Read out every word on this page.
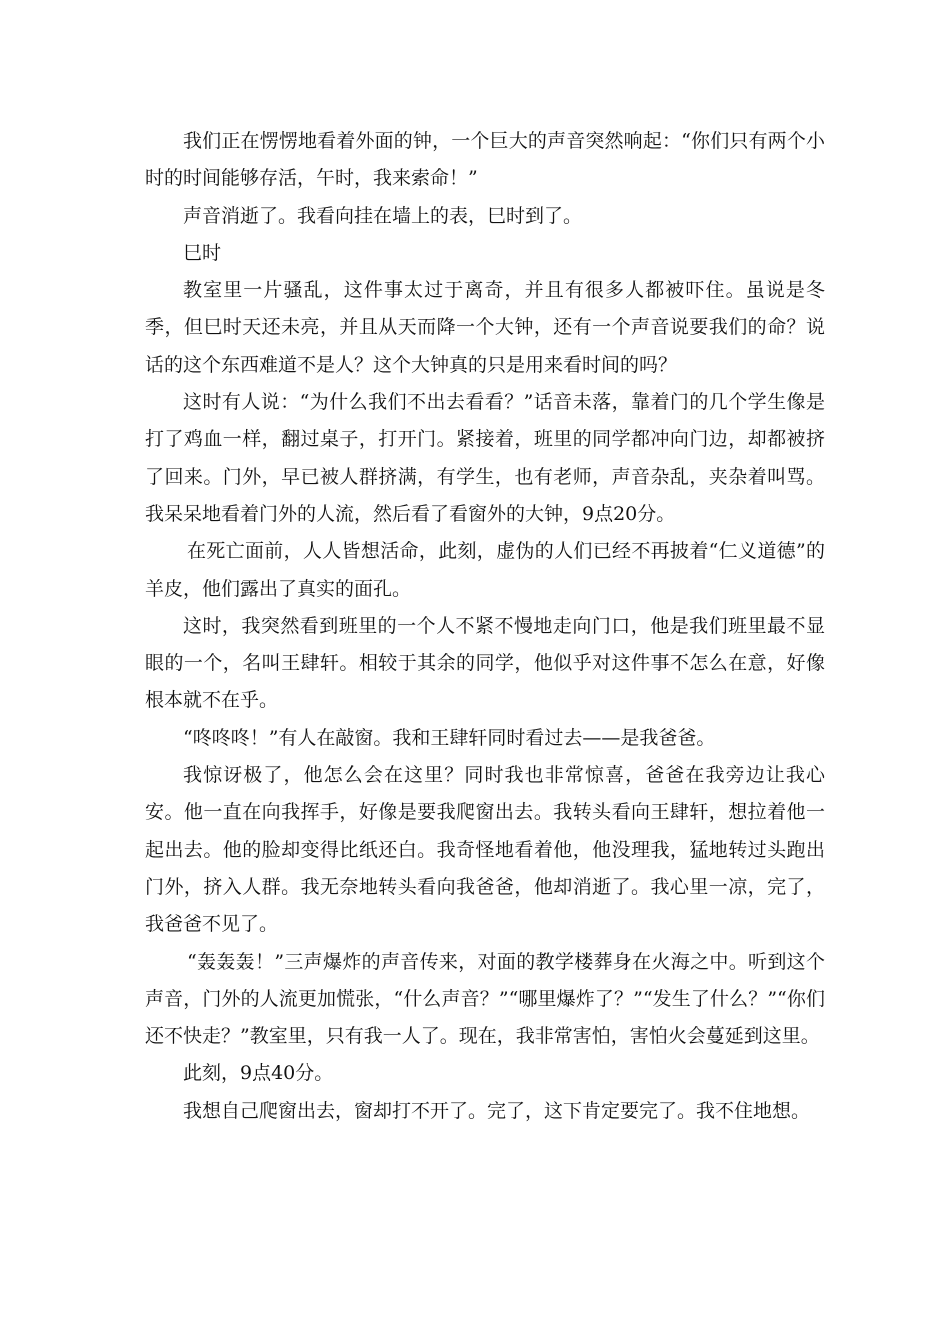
我们正在愣愣地看着外面的钟，一个巨大的声音突然响起：“你们只有两个小时的时间能够存活，午时，我来索命！”

声音消逝了。我看向挂在墙上的表，巳时到了。

巳时

教室里一片骚乱，这件事太过于离奇，并且有很多人都被吓住。虽说是冬季，但巳时天还未亮，并且从天而降一个大钟，还有一个声音说要我们的命？说话的这个东西难道不是人？这个大钟真的只是用来看时间的吗？

这时有人说：“为什么我们不出去看看？”话音未落，靠着门的几个学生像是打了鸡血一样，翻过桌子，打开门。紧接着，班里的同学都冲向门边，却都被挤了回来。门外，早已被人群挤满，有学生，也有老师，声音杂乱，夹杂着叫骂。我呆呆地看着门外的人流，然后看了看窗外的大钟，9点20分。

在死亡面前，人人皆想活命，此刻，虚伪的人们已经不再披着“仁义道德”的羊皮，他们露出了真实的面孔。

这时，我突然看到班里的一个人不紧不慢地走向门口，他是我们班里最不显眼的一个，名叫王肆轩。相较于其余的同学，他似乎对这件事不怎么在意，好像根本就不在乎。

“咚咚咚！”有人在敲窗。我和王肆轩同时看过去——是我爸爸。

我惊讶极了，他怎么会在这里？同时我也非常惊喜，爸爸在我旁边让我心安。他一直在向我挥手，好像是要我爬窗出去。我转头看向王肆轩，想拉着他一起出去。他的脸却变得比纸还白。我奇怪地看着他，他没理我，猛地转过头跑出门外，挤入人群。我无奈地转头看向我爸爸，他却消逝了。我心里一凉，完了，我爸爸不见了。

“轰轰轰！”三声爆炸的声音传来，对面的教学楼葬身在火海之中。听到这个声音，门外的人流更加慌张，“什么声音？”“哪里爆炸了？”“发生了什么？”“你们还不快走？”教室里，只有我一人了。现在，我非常害怕，害怕火会蔓延到这里。

此刻，9点40分。

我想自己爬窗出去，窗却打不开了。完了，这下肯定要完了。我不住地想。
